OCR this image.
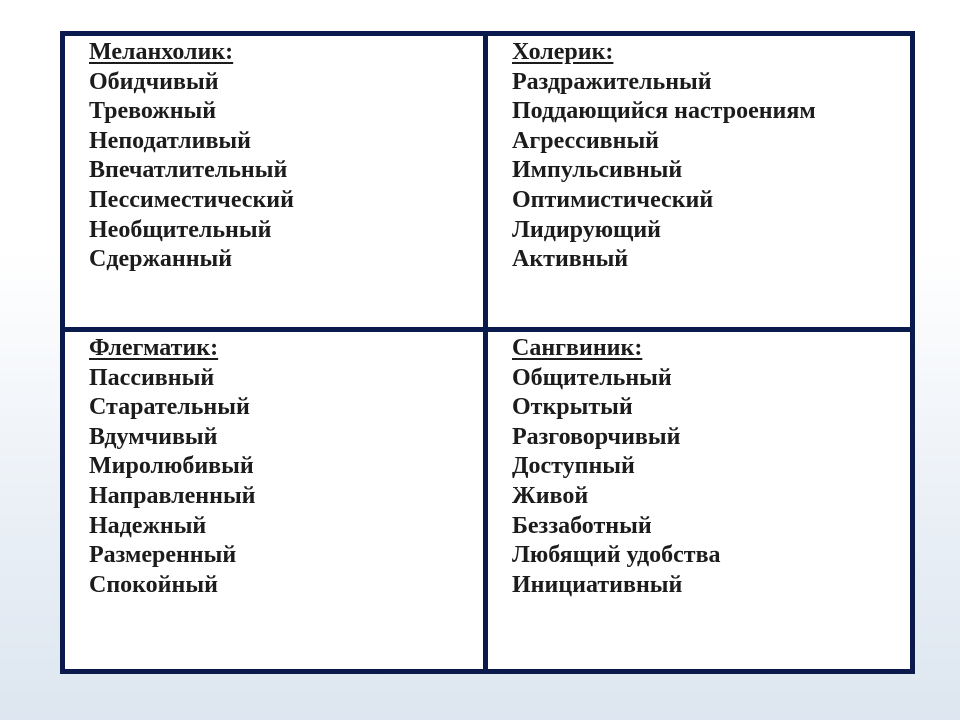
Меланхолик:
Обидчивый
Тревожный
Неподатливый
Впечатлительный
Пессиместический
Необщительный
Сдержанный
Холерик:
Раздражительный
Поддающийся настроениям
Агрессивный
Импульсивный
Оптимистический
Лидирующий
Активный
Флегматик:
Пассивный
Старательный
Вдумчивый
Миролюбивый
Направленный
Надежный
Размеренный
Спокойный
Сангвиник:
Общительный
Открытый
Разговорчивый
Доступный
Живой
Беззаботный
Любящий удобства
Инициативный
